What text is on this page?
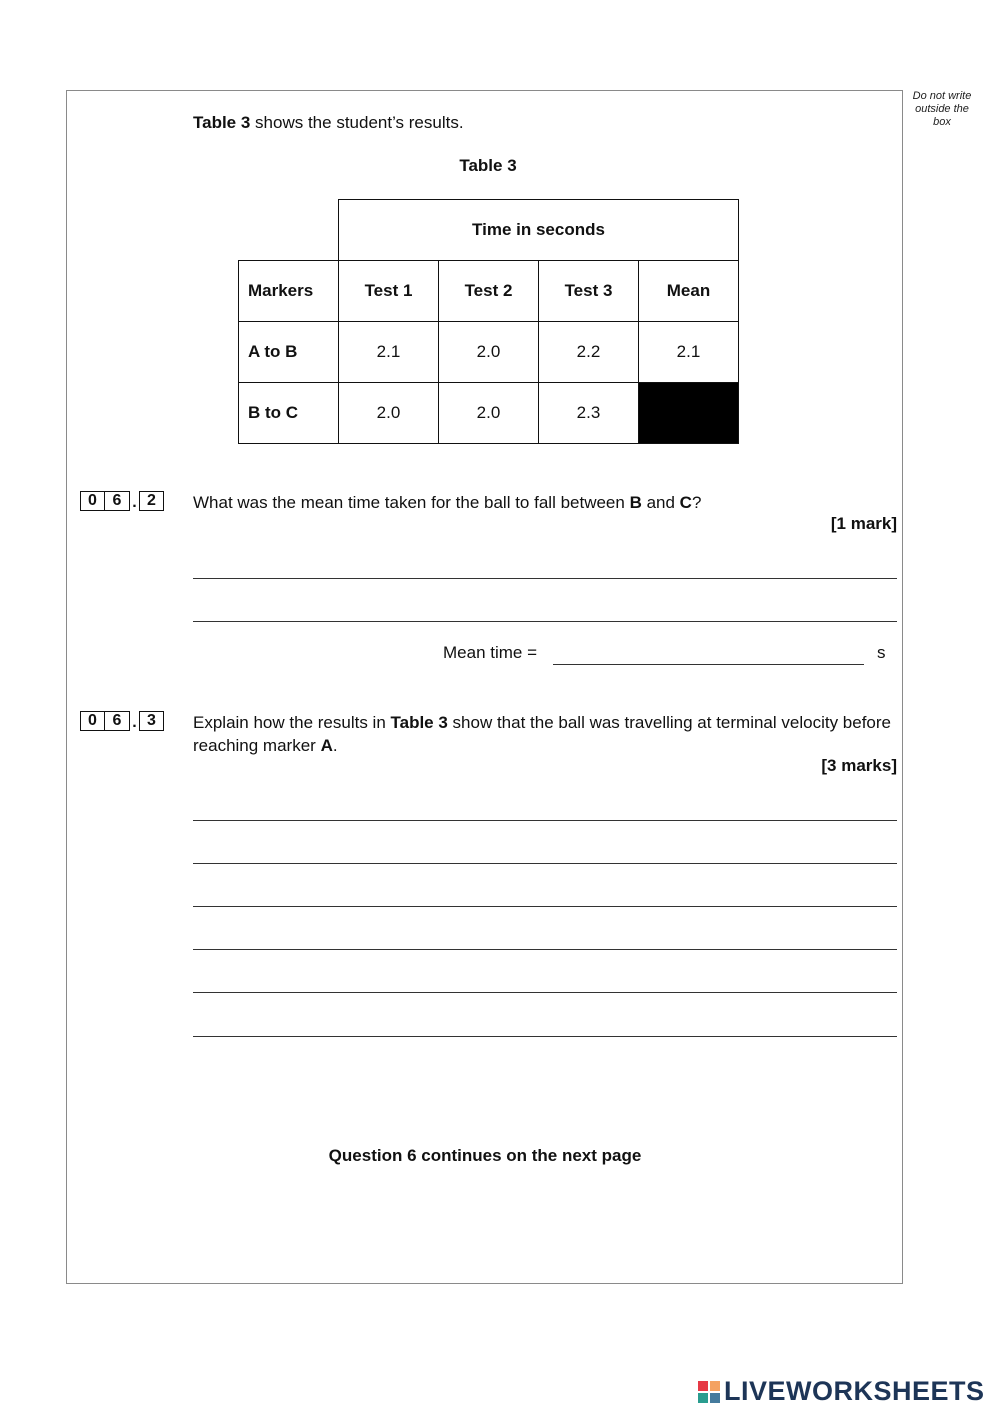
Do not write outside the box
Table 3 shows the student’s results.
Table 3
	Time in seconds			
Markers	Test 1	Test 2	Test 3	Mean
A to B	2.1	2.0	2.2	2.1
B to C	2.0	2.0	2.3	
0 6 . 2	What was the mean time taken for the ball to fall between B and C?
[1 mark]
Mean time =	s
0 6 . 3	Explain how the results in Table 3 show that the ball was travelling at terminal velocity before reaching marker A.
[3 marks]
Question 6 continues on the next page
LIVEWORKSHEETS
